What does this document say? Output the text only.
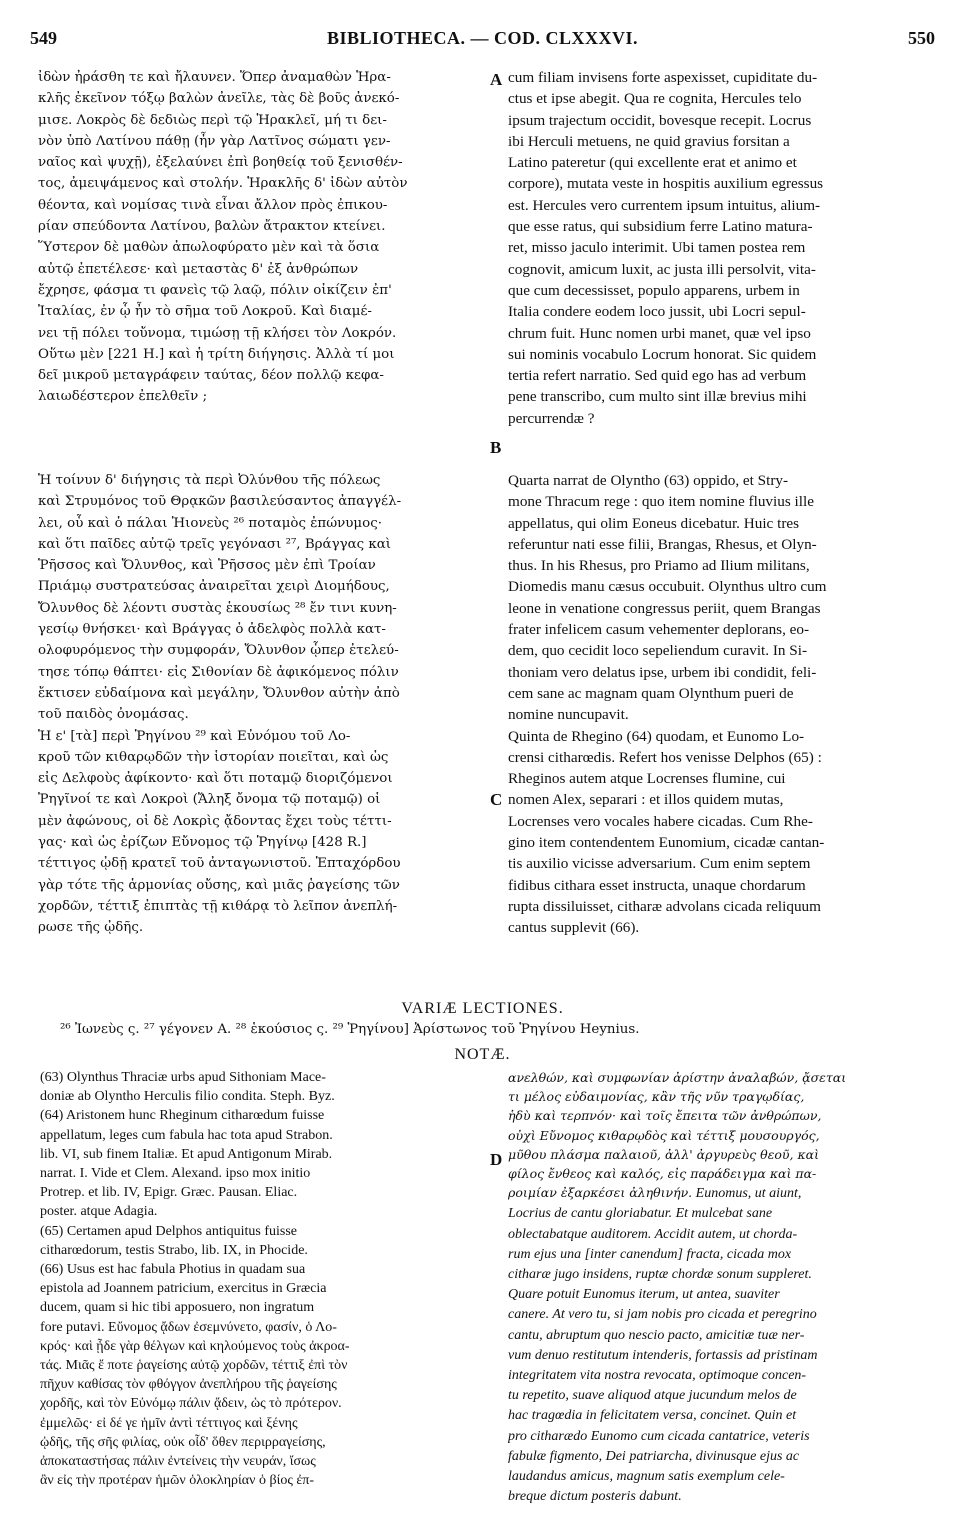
549	BIBLIOTHECA. — COD. CLXXXVI.	550
ἰδὼν ἠράσθη τε καὶ ἤλαυνεν. Ὅπερ ἀναμαθὼν Ἡρα-
κλῆς ἐκεῖνον τόξῳ βαλὼν ἀνεῖλε, τὰς δὲ βοῦς ἀνεκό-
μισε. Λοκρὸς δὲ δεδιὼς περὶ τῷ Ἡρακλεῖ, μή τι δει-
νὸν ὑπὸ Λατίνου πάθῃ (ἦν γὰρ Λατῖνος σώματι γεν-
ναῖος καὶ ψυχῇ), ἐξελαύνει ἐπὶ βοηθείᾳ τοῦ ξενισθέν-
τος, ἀμειψάμενος καὶ στολήν. Ἡρακλῆς δ' ἰδὼν αὐτὸν
θέοντα, καὶ νομίσας τινὰ εἶναι ἄλλον πρὸς ἐπικου-
ρίαν σπεύδοντα Λατίνου, βαλὼν ἄτρακτον κτείνει.
Ὕστερον δὲ μαθὼν ἀπωλοφύρατο μὲν καὶ τὰ ὅσια
αὐτῷ ἐπετέλεσε· καὶ μεταστὰς δ' ἐξ ἀνθρώπων
ἔχρησε, φάσμα τι φανεὶς τῷ λαῷ, πόλιν οἰκίζειν ἐπ'
Ἰταλίας, ἐν ᾧ ἦν τὸ σῆμα τοῦ Λοκροῦ. Καὶ διαμέ-
νει τῇ πόλει τοὔνομα, τιμώσῃ τῇ κλήσει τὸν Λοκρόν.
Οὕτω μὲν [221 H.] καὶ ἡ τρίτη διήγησις. Ἀλλὰ τί μοι
δεῖ μικροῦ μεταγράφειν ταύτας, δέον πολλῷ κεφα-
λαιωδέστερον ἐπελθεῖν ;
cum filiam invisens forte aspexisset, cupiditate du-
ctus et ipse abegit. Qua re cognita, Hercules telo
ipsum trajectum occidit, bovesque recepit. Locrus
ibi Herculi metuens, ne quid gravius forsitan a
Latino pateretur (qui excellente erat et animo et
corpore), mutata veste in hospitis auxilium egressus
est. Hercules vero currentem ipsum intuitus, alium-
que esse ratus, qui subsidium ferre Latino matura-
ret, misso jaculo interimit. Ubi tamen postea rem
cognovit, amicum luxit, ac justa illi persolvit, vita-
que cum decessisset, populo apparens, urbem in
Italia condere eodem loco jussit, ubi Locri sepul-
chrum fuit. Hunc nomen urbi manet, quæ vel ipso
sui nominis vocabulo Locrum honorat. Sic quidem
tertia refert narratio. Sed quid ego has ad verbum
pene transcribo, cum multo sint illæ brevius mihi
percurrendæ ?
A
B
C
D
Ἡ τοίνυν δ' διήγησις τὰ περὶ Ὀλύνθου τῆς πόλεως
καὶ Στρυμόνος τοῦ Θρᾳκῶν βασιλεύσαντος ἀπαγγέλ-
λει, οὗ καὶ ὁ πάλαι Ἠιονεὺς ²⁶ ποταμὸς ἐπώνυμος·
καὶ ὅτι παῖδες αὐτῷ τρεῖς γεγόνασι ²⁷, Βράγγας καὶ
Ῥῆσσος καὶ Ὄλυνθος, καὶ Ῥῆσσος μὲν ἐπὶ Τροίαν
Πριάμῳ συστρατεύσας ἀναιρεῖται χειρὶ Διομήδους,
Ὄλυνθος δὲ λέοντι συστὰς ἑκουσίως ²⁸ ἔν τινι κυνη-
γεσίῳ θνήσκει· καὶ Βράγγας ὁ ἀδελφὸς πολλὰ κατ-
ολοφυρόμενος τὴν συμφοράν, Ὄλυνθον ᾧπερ ἐτελεύ-
τησε τόπῳ θάπτει· εἰς Σιθονίαν δὲ ἀφικόμενος πόλιν
ἔκτισεν εὐδαίμονα καὶ μεγάλην, Ὄλυνθον αὐτὴν ἀπὸ
τοῦ παιδὸς ὀνομάσας.
Ἡ ε' [τὰ] περὶ Ῥηγίνου ²⁹ καὶ Εὐνόμου τοῦ Λο-
κροῦ τῶν κιθαρῳδῶν τὴν ἱστορίαν ποιεῖται, καὶ ὡς
εἰς Δελφοὺς ἀφίκοντο· καὶ ὅτι ποταμῷ διοριζόμενοι
Ῥηγῖνοί τε καὶ Λοκροὶ (Ἄληξ ὄνομα τῷ ποταμῷ) οἱ
μὲν ἀφώνους, οἱ δὲ Λοκρὶς ᾄδοντας ἔχει τοὺς τέττι-
γας· καὶ ὡς ἐρίζων Εὔνομος τῷ Ῥηγίνῳ [428 R.]
τέττιγος ᾠδῇ κρατεῖ τοῦ ἀνταγωνιστοῦ. Ἑπταχόρδου
γὰρ τότε τῆς ἁρμονίας οὔσης, καὶ μιᾶς ῥαγείσης τῶν
χορδῶν, τέττιξ ἐπιπτὰς τῇ κιθάρᾳ τὸ λεῖπον ἀνεπλή-
ρωσε τῆς ᾠδῆς.
Quarta narrat de Olyntho (63) oppido, et Stry-
mone Thracum rege : quo item nomine fluvius ille
appellatus, qui olim Eoneus dicebatur. Huic tres
referuntur nati esse filii, Brangas, Rhesus, et Olyn-
thus. In his Rhesus, pro Priamo ad Ilium militans,
Diomedis manu cæsus occubuit. Olynthus ultro cum
leone in venatione congressus periit, quem Brangas
frater infelicem casum vehementer deplorans, eo-
dem, quo cecidit loco sepeliendum curavit. In Si-
thoniam vero delatus ipse, urbem ibi condidit, feli-
cem sane ac magnam quam Olynthum pueri de
nomine nuncupavit.
Quinta de Rhegino (64) quodam, et Eunomo Lo-
crensi citharœdis. Refert hos venisse Delphos (65) :
Rheginos autem atque Locrenses flumine, cui
nomen Alex, separari : et illos quidem mutas,
Locrenses vero vocales habere cicadas. Cum Rhe-
gino item contendentem Eunomium, cicadæ cantan-
tis auxilio vicisse adversarium. Cum enim septem
fidibus cithara esset instructa, unaque chordarum
rupta dissiluisset, citharæ advolans cicada reliquum
cantus supplevit (66).
VARIÆ LECTIONES.
²⁶ Ἰωνεὺς ς. ²⁷ γέγονεν A. ²⁸ ἑκούσιος ς. ²⁹ Ῥηγίνου] Ἀρίστωνος τοῦ Ῥηγίνου Heynius.
NOTÆ.
(63) Olynthus Thraciæ urbs apud Sithoniam Mace-
doniæ ab Olyntho Herculis filio condita. Steph. Byz.
(64) Aristonem hunc Rheginum citharœdum fuisse
appellatum, leges cum fabula hac tota apud Strabon.
lib. VI, sub finem Italiæ. Et apud Antigonum Mirab.
narrat. I. Vide et Clem. Alexand. ipso mox initio
Protrep. et lib. IV, Epigr. Græc. Pausan. Eliac.
poster. atque Adagia.
(65) Certamen apud Delphos antiquitus fuisse
citharœdorum, testis Strabo, lib. IX, in Phocide.
(66) Usus est hac fabula Photius in quadam sua
epistola ad Joannem patricium, exercitus in Græcia
ducem, quam si hic tibi apposuero, non ingratum
fore putavi. Εὔνομος ᾄδων ἐσεμνύνετο, φασίν, ὁ Λο-
κρός· καὶ ᾖδε γὰρ θέλγων καὶ κηλούμενος τοὺς ἀκροα-
τάς. Μιᾶς ἔ ποτε ῥαγείσης αὐτῷ χορδῶν, τέττιξ ἐπὶ τὸν
πῆχυν καθίσας τὸν φθόγγον ἀνεπλήρου τῆς ῥαγείσης
χορδῆς, καὶ τὸν Εὐνόμῳ πάλιν ᾄδειν, ὡς τὸ πρότερον.
ἐμμελῶς· εἰ δέ γε ἡμῖν ἀντὶ τέττιγος καὶ ξένης
ᾠδῆς, τῆς σῆς φιλίας, οὐκ οἶδ' ὅθεν περιρραγείσης,
ἀποκαταστήσας πάλιν ἐντείνεις τὴν νευράν, ἴσως
ἂν εἰς τὴν προτέραν ἡμῶν ὁλοκληρίαν ὁ βίος ἐπ-
ανελθών, καὶ συμφωνίαν ἀρίστην ἀναλαβών, ᾄσεται
τι μέλος εὐδαιμονίας, κἂν τῆς νῦν τραγῳδίας,
ἡδὺ καὶ τερπνόν· καὶ τοῖς ἔπειτα τῶν ἀνθρώπων,
οὐχὶ Εὔνομος κιθαρῳδὸς καὶ τέττιξ μουσουργός,
μῦθου πλάσμα παλαιοῦ, ἀλλ' ἀργυρεὺς θεοῦ, καὶ
φίλος ἔνθεος καὶ καλός, εἰς παράδειγμα καὶ πα-
ροιμίαν ἐξαρκέσει ἀληθινήν. Eunomus, ut aiunt,
Locrius de cantu gloriabatur. Et mulcebat sane
oblectabatque auditorem. Accidit autem, ut chorda-
rum ejus una [inter canendum] fracta, cicada mox
citharæ jugo insidens, ruptæ chordæ sonum suppleret.
Quare potuit Eunomus iterum, ut antea, suaviter
canere. At vero tu, si jam nobis pro cicada et peregrino
cantu, abruptum quo nescio pacto, amicitiæ tuæ ner-
vum denuo restitutum intenderis, fortassis ad pristinam
integritatem vita nostra revocata, optimoque concen-
tu repetito, suave aliquod atque jucundum melos de
hac tragœdia in felicitatem versa, concinet. Quin et
pro citharædo Eunomo cum cicada cantatrice, veteris
fabulæ figmento, Dei patriarcha, divinusque ejus ac
laudandus amicus, magnum satis exemplum cele-
breque dictum posteris dabunt.
